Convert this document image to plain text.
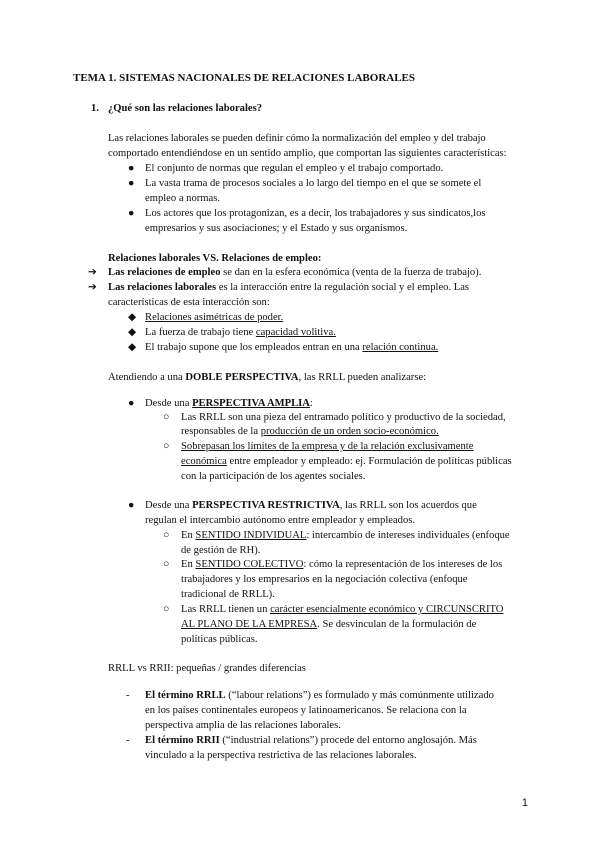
TEMA 1. SISTEMAS NACIONALES DE RELACIONES LABORALES
1. ¿Qué son las relaciones laborales?
Las relaciones laborales se pueden definir cómo la normalización del empleo y del trabajo
comportado entendiéndose en un sentido amplio, que comportan las siguientes características:
● El conjunto de normas que regulan el empleo y el trabajo comportado.
● La vasta trama de procesos sociales a lo largo del tiempo en el que se somete el
empleo a normas.
● Los actores que los protagonizan, es a decir, los trabajadores y sus sindicatos,los
empresarios y sus asociaciones; y el Estado y sus organismos.
Relaciones laborales VS. Relaciones de empleo:
➔ Las relaciones de empleo se dan en la esfera económica (venta de la fuerza de trabajo).
➔ Las relaciones laborales es la interacción entre la regulación social y el empleo. Las
características de esta interacción son:
◆ Relaciones asimétricas de poder.
◆ La fuerza de trabajo tiene capacidad volitiva.
◆ El trabajo supone que los empleados entran en una relación continua.
Atendiendo a una DOBLE PERSPECTIVA, las RRLL pueden analizarse:
● Desde una PERSPECTIVA AMPLIA:
○ Las RRLL son una pieza del entramado político y productivo de la sociedad,
responsables de la producción de un orden socio-económico.
○ Sobrepasan los límites de la empresa y de la relación exclusivamente
económica entre empleador y empleado: ej. Formulación de políticas públicas
con la participación de los agentes sociales.
● Desde una PERSPECTIVA RESTRICTIVA, las RRLL son los acuerdos que
regulan el intercambio autónomo entre empleador y empleados.
○ En SENTIDO INDIVIDUAL: intercambio de intereses individuales (enfoque
de gestión de RH).
○ En SENTIDO COLECTIVO: cómo la representación de los intereses de los
trabajadores y los empresarios en la negociación colectiva (enfoque
tradicional de RRLL).
○ Las RRLL tienen un carácter esencialmente económico y CIRCUNSCRITO
AL PLANO DE LA EMPRESA. Se desvinculan de la formulación de
políticas públicas.
RRLL vs RRII: pequeñas / grandes diferencias
- El término RRLL (“labour relations”) es formulado y más comúnmente utilizado
en los países continentales europeos y latinoamericanos. Se relaciona con la
perspectiva amplia de las relaciones laborales.
- El término RRII (“industrial relations”) procede del entorno anglosajón. Más
vinculado a la perspectiva restrictiva de las relaciones laborales.
1
